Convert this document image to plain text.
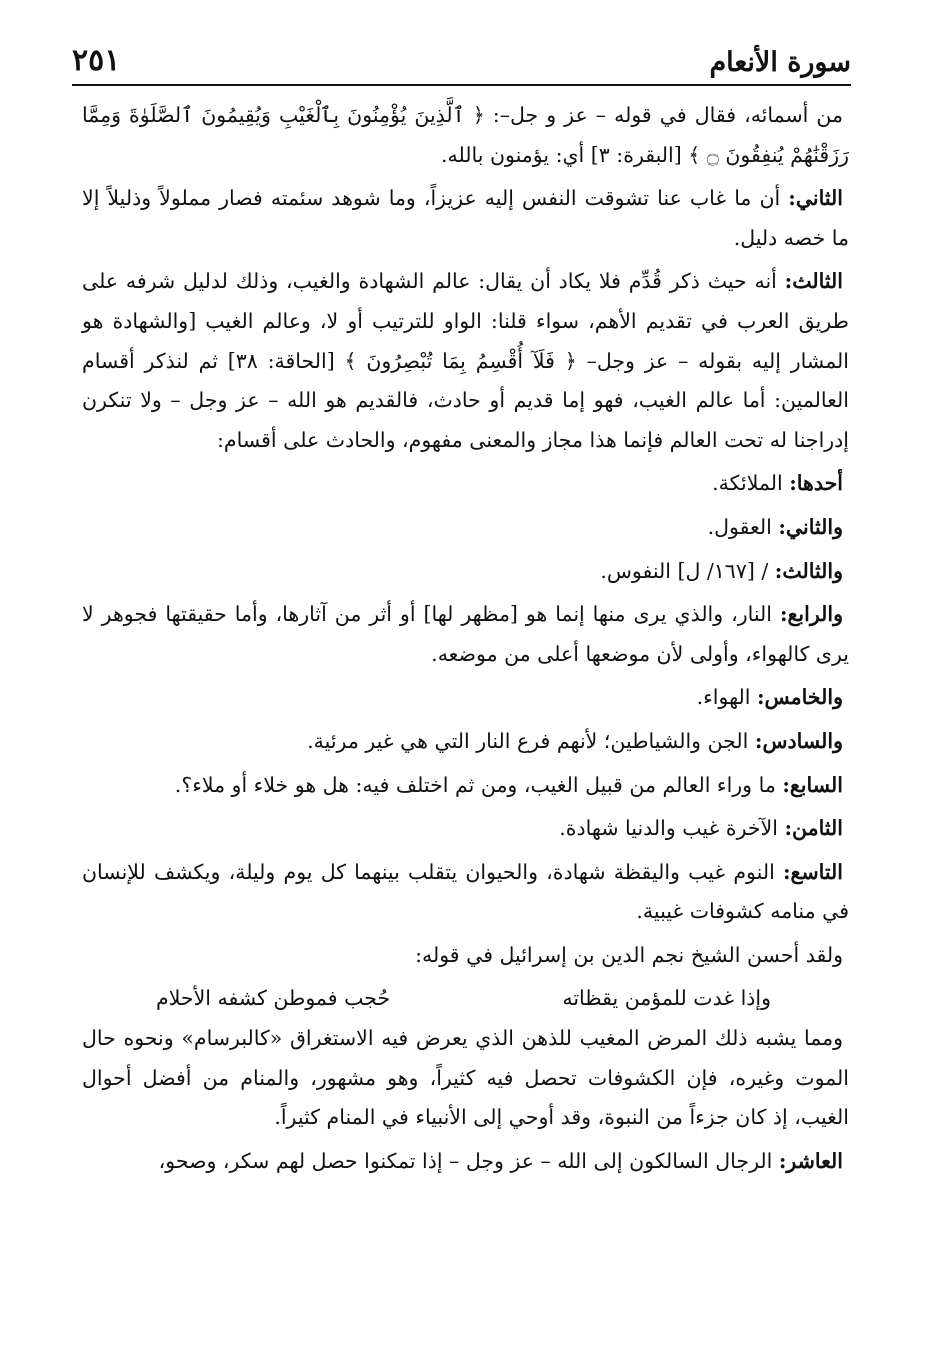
سورة الأنعام
٢٥١

من أسمائه، فقال في قوله – عز و جل–: ﴿ ٱلَّذِينَ يُؤْمِنُونَ بِٱلْغَيْبِ وَيُقِيمُونَ ٱلصَّلَوٰةَ وَمِمَّا رَزَقْنَٰهُمْ يُنفِقُونَ ۝ ﴾ [البقرة: ٣] أي: يؤمنون بالله.

الثاني: أن ما غاب عنا تشوقت النفس إليه عزيزاً، وما شوهد سئمته فصار مملولاً وذليلاً إلا ما خصه دليل.

الثالث: أنه حيث ذكر قُدِّم فلا يكاد أن يقال: عالم الشهادة والغيب، وذلك لدليل شرفه على طريق العرب في تقديم الأهم، سواء قلنا: الواو للترتيب أو لا، وعالم الغيب [والشهادة هو المشار إليه بقوله – عز وجل– ﴿ فَلَآ أُقْسِمُ بِمَا تُبْصِرُونَ ﴾ [الحاقة: ٣٨] ثم لنذكر أقسام العالمين: أما عالم الغيب، فهو إما قديم أو حادث، فالقديم هو الله – عز وجل – ولا تنكرن إدراجنا له تحت العالم فإنما هذا مجاز والمعنى مفهوم، والحادث على أقسام:

أحدها: الملائكة.

والثاني: العقول.

والثالث: / [١٦٧/ ل] النفوس.

والرابع: النار، والذي يرى منها إنما هو [مظهر لها] أو أثر من آثارها، وأما حقيقتها فجوهر لا يرى كالهواء، وأولى لأن موضعها أعلى من موضعه.

والخامس: الهواء.

والسادس: الجن والشياطين؛ لأنهم فرع النار التي هي غير مرئية.

السابع: ما وراء العالم من قبيل الغيب، ومن ثم اختلف فيه: هل هو خلاء أو ملاء؟.

الثامن: الآخرة غيب والدنيا شهادة.

التاسع: النوم غيب واليقظة شهادة، والحيوان يتقلب بينهما كل يوم وليلة، ويكشف للإنسان في منامه كشوفات غيبية.

ولقد أحسن الشيخ نجم الدين بن إسرائيل في قوله:

وإذا غدت للمؤمن يقظاته
حُجب فموطن كشفه الأحلام

ومما يشبه ذلك المرض المغيب للذهن الذي يعرض فيه الاستغراق «كالبرسام» ونحوه حال الموت وغيره، فإن الكشوفات تحصل فيه كثيراً، وهو مشهور، والمنام من أفضل أحوال الغيب، إذ كان جزءاً من النبوة، وقد أوحي إلى الأنبياء في المنام كثيراً.

العاشر: الرجال السالكون إلى الله – عز وجل – إذا تمكنوا حصل لهم سكر، وصحو،
